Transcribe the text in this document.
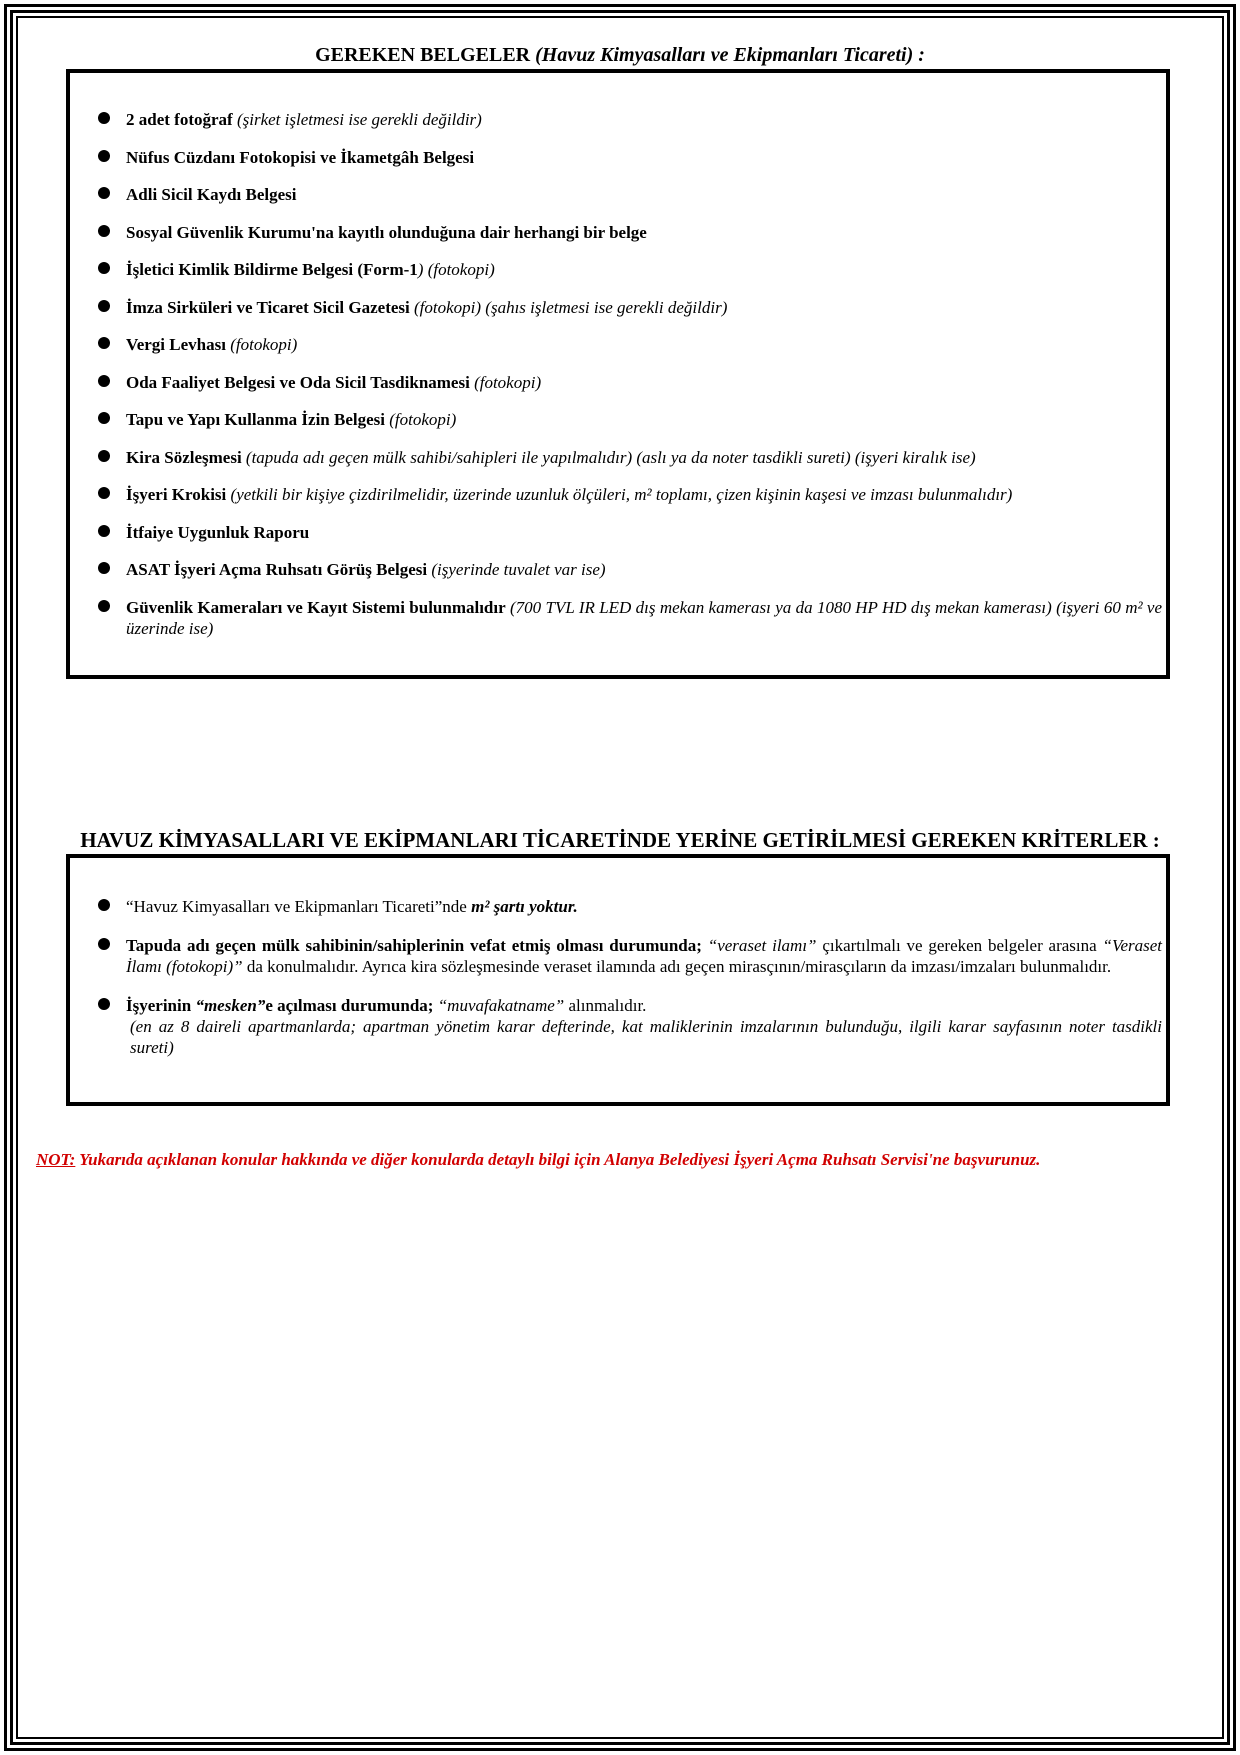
GEREKEN BELGELER (Havuz Kimyasalları ve Ekipmanları Ticareti) :
2 adet fotoğraf (şirket işletmesi ise gerekli değildir)
Nüfus Cüzdanı Fotokopisi ve İkametgâh Belgesi
Adli Sicil Kaydı Belgesi
Sosyal Güvenlik Kurumu'na kayıtlı olunduğuna dair herhangi bir belge
İşletici Kimlik Bildirme Belgesi (Form-1) (fotokopi)
İmza Sirküleri ve Ticaret Sicil Gazetesi (fotokopi) (şahıs işletmesi ise gerekli değildir)
Vergi Levhası (fotokopi)
Oda Faaliyet Belgesi ve Oda Sicil Tasdiknamesi (fotokopi)
Tapu ve Yapı Kullanma İzin Belgesi (fotokopi)
Kira Sözleşmesi (tapuda adı geçen mülk sahibi/sahipleri ile yapılmalıdır) (aslı ya da noter tasdikli sureti) (işyeri kiralık ise)
İşyeri Krokisi (yetkili bir kişiye çizdirilmelidir, üzerinde uzunluk ölçüleri, m² toplamı, çizen kişinin kaşesi ve imzası bulunmalıdır)
İtfaiye Uygunluk Raporu
ASAT İşyeri Açma Ruhsatı Görüş Belgesi (işyerinde tuvalet var ise)
Güvenlik Kameraları ve Kayıt Sistemi bulunmalıdır (700 TVL IR LED dış mekan kamerası ya da 1080 HP HD dış mekan kamerası) (işyeri 60 m² ve üzerinde ise)
HAVUZ KİMYASALLARI VE EKİPMANLARI TİCARETİNDE YERİNE GETİRİLMESİ GEREKEN KRİTERLER :
“Havuz Kimyasalları ve Ekipmanları Ticareti”nde m² şartı yoktur.
Tapuda adı geçen mülk sahibinin/sahiplerinin vefat etmiş olması durumunda; “veraset ilamı” çıkartılmalı ve gereken belgeler arasına “Veraset İlamı (fotokopi)” da konulmalıdır. Ayrıca kira sözleşmesinde veraset ilamında adı geçen mirasçının/mirasçıların da imzası/imzaları bulunmalıdır.
İşyerinin “mesken”e açılması durumunda; “muvafakatname” alınmalıdır.
(en az 8 daireli apartmanlarda; apartman yönetim karar defterinde, kat maliklerinin imzalarının bulunduğu, ilgili karar sayfasının noter tasdikli sureti)
NOT: Yukarıda açıklanan konular hakkında ve diğer konularda detaylı bilgi için Alanya Belediyesi İşyeri Açma Ruhsatı Servisi'ne başvurunuz.
